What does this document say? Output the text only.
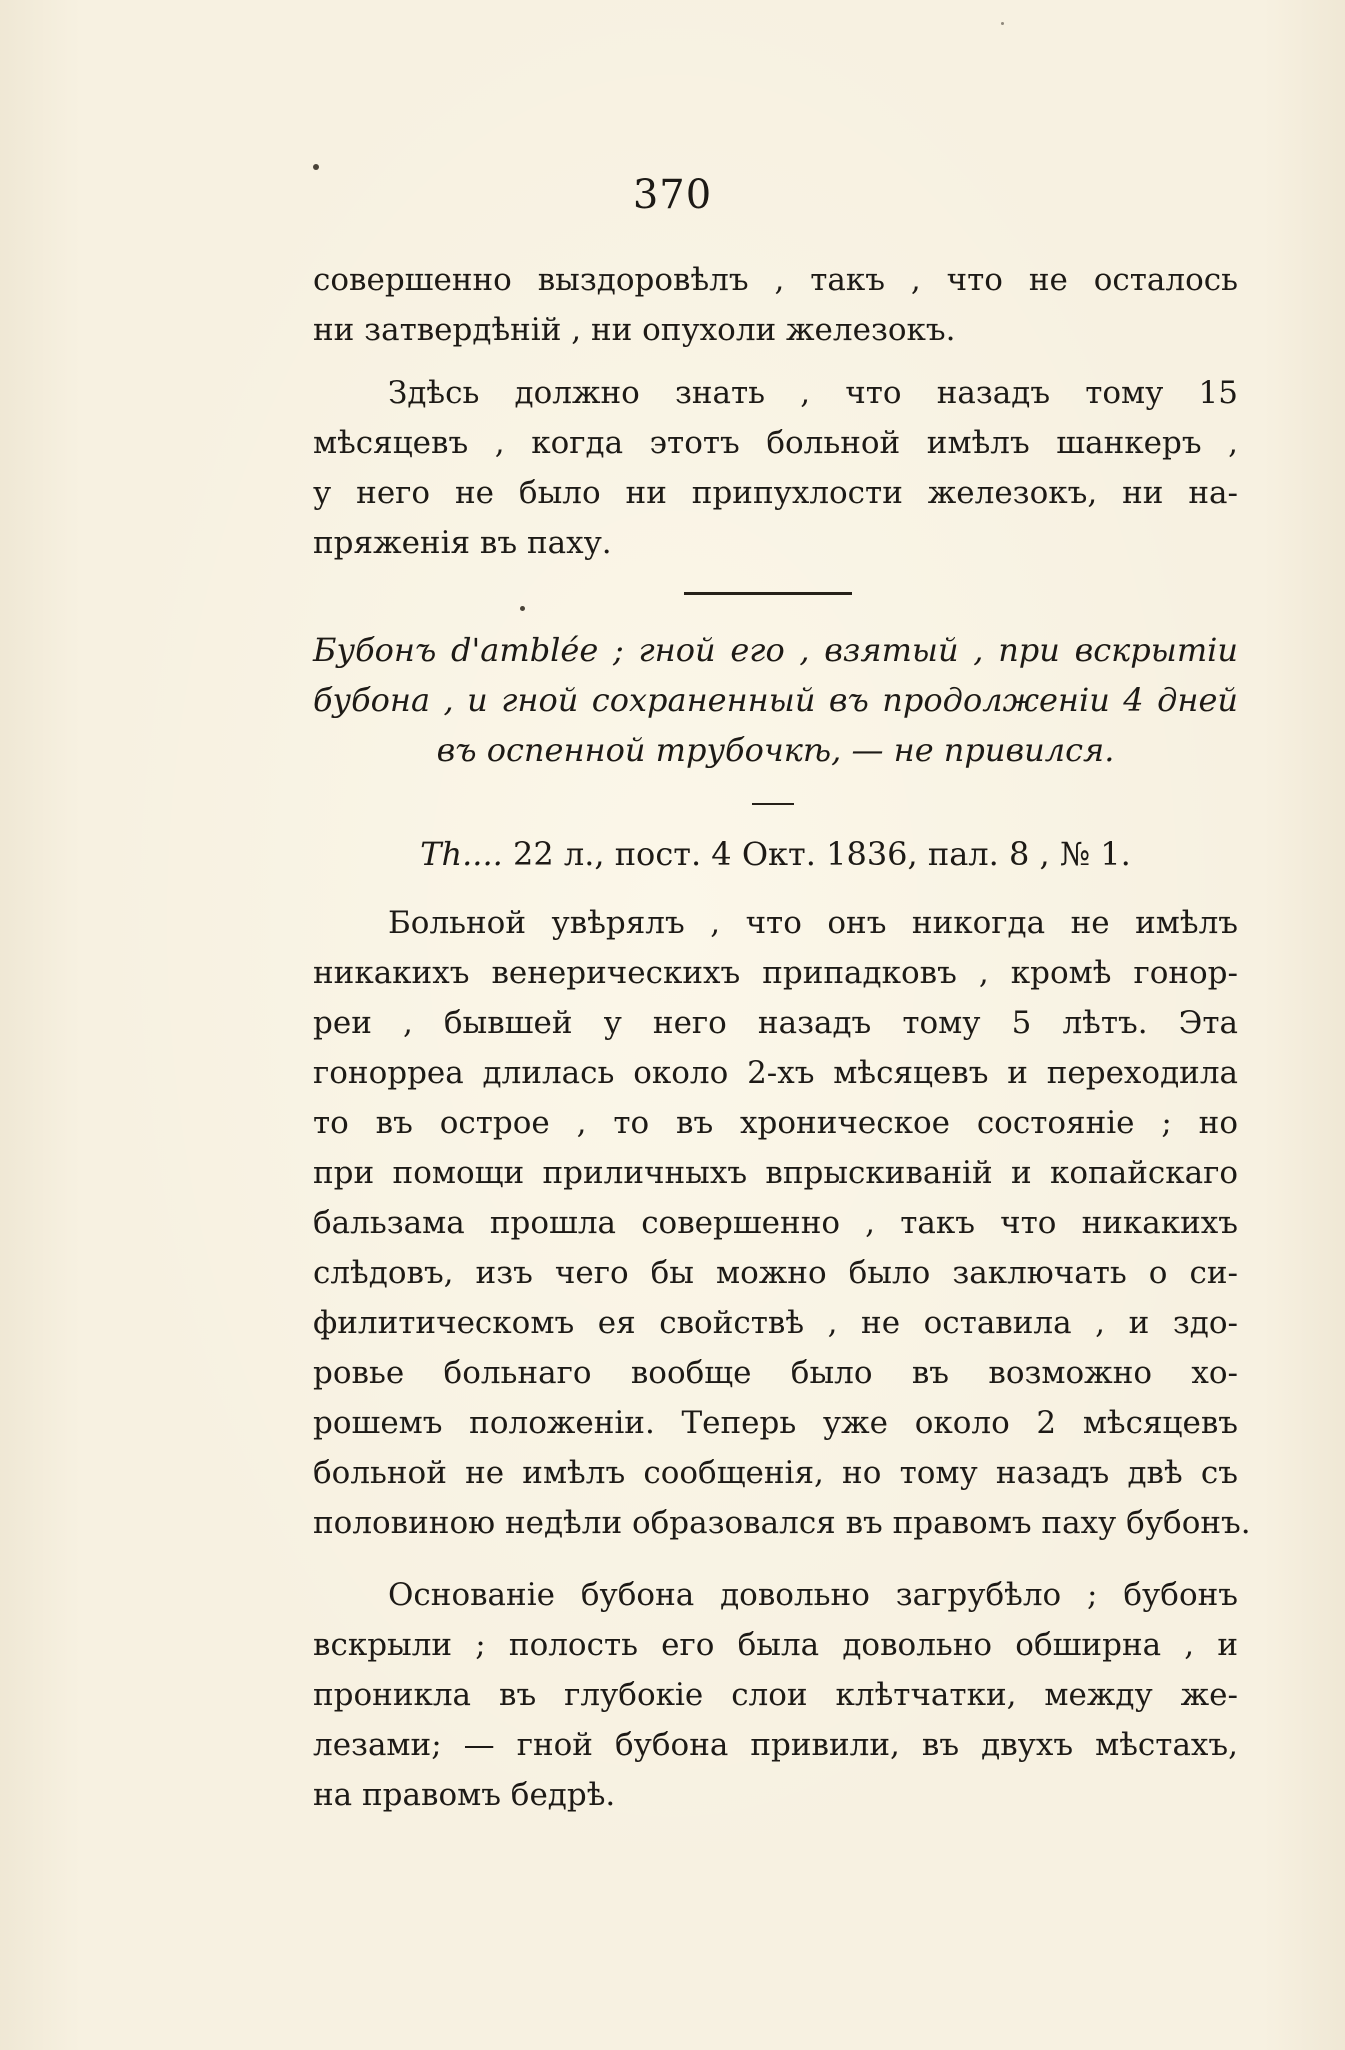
370
совершенно выздоровѣлъ , такъ , что не осталось
ни затвердѣній , ни опухоли железокъ.
Здѣсь должно знать , что назадъ тому 15
мѣсяцевъ , когда этотъ больной имѣлъ шанкеръ ,
у него не было ни припухлости железокъ, ни на-
пряженія въ паху.
Бубонъ d'amblée ; гной его , взятый , при вскрытіи
бубона , и гной сохраненный въ продолженіи 4 дней
въ оспенной трубочкѣ, — не привился.
Th.... 22 л., пост. 4 Окт. 1836, пал. 8 , № 1.
Больной увѣрялъ , что онъ никогда не имѣлъ
никакихъ венерическихъ припадковъ , кромѣ гонор-
реи , бывшей у него назадъ тому 5 лѣтъ. Эта
гонорреа длилась около 2-хъ мѣсяцевъ и переходила
то въ острое , то въ хроническое состояніе ; но
при помощи приличныхъ впрыскиваній и копайскаго
бальзама прошла совершенно , такъ что никакихъ
слѣдовъ, изъ чего бы можно было заключать о си-
филитическомъ ея свойствѣ , не оставила , и здо-
ровье больнаго вообще было въ возможно хо-
рошемъ положеніи. Теперь уже около 2 мѣсяцевъ
больной не имѣлъ сообщенія, но тому назадъ двѣ съ
половиною недѣли образовался въ правомъ паху бубонъ.
Основаніе бубона довольно загрубѣло ; бубонъ
вскрыли ; полость его была довольно обширна , и
проникла въ глубокіе слои клѣтчатки, между же-
лезами; — гной бубона привили, въ двухъ мѣстахъ,
на правомъ бедрѣ.
